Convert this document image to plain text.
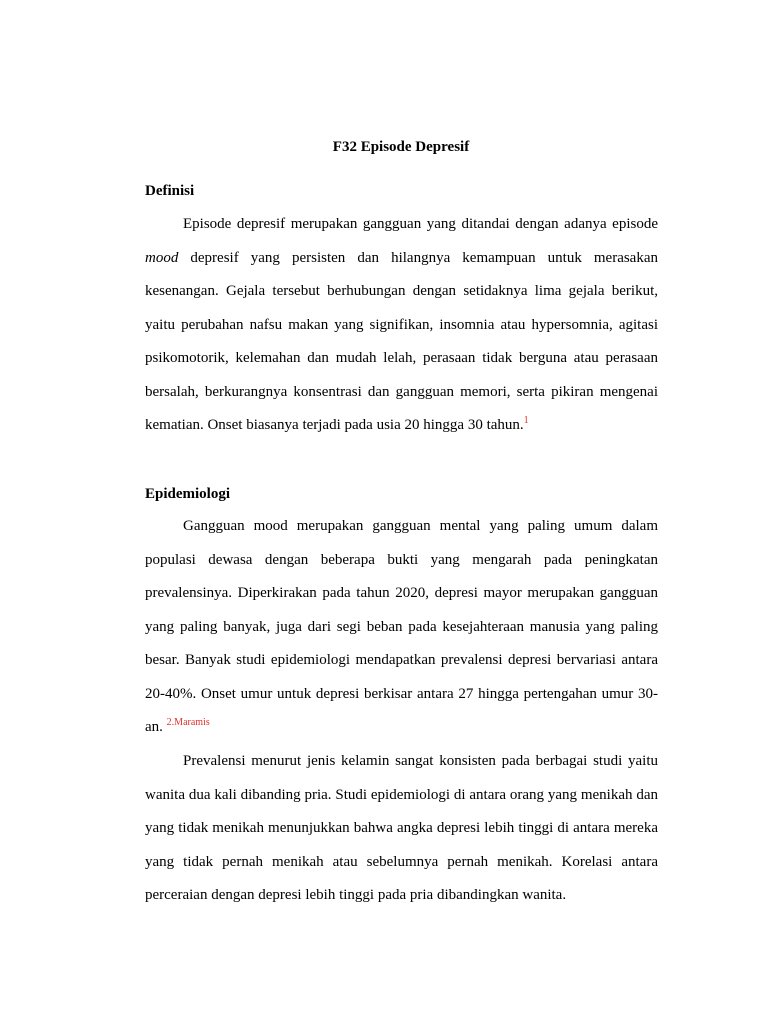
F32 Episode Depresif
Definisi

Episode depresif merupakan gangguan yang ditandai dengan adanya episode mood depresif yang persisten dan hilangnya kemampuan untuk merasakan kesenangan. Gejala tersebut berhubungan dengan setidaknya lima gejala berikut, yaitu perubahan nafsu makan yang signifikan, insomnia atau hypersomnia, agitasi psikomotorik, kelemahan dan mudah lelah, perasaan tidak berguna atau perasaan bersalah, berkurangnya konsentrasi dan gangguan memori, serta pikiran mengenai kematian. Onset biasanya terjadi pada usia 20 hingga 30 tahun.$^1$

Epidemiologi

Gangguan mood merupakan gangguan mental yang paling umum dalam populasi dewasa dengan beberapa bukti yang mengarah pada peningkatan prevalensinya. Diperkirakan pada tahun 2020, depresi mayor merupakan gangguan yang paling banyak, juga dari segi beban pada kesejahteraan manusia yang paling besar. Banyak studi epidemiologi mendapatkan prevalensi depresi bervariasi antara 20-40%. Onset umur untuk depresi berkisar antara 27 hingga pertengahan umur 30-an. $^{2.Maramis}$

Prevalensi menurut jenis kelamin sangat konsisten pada berbagai studi yaitu wanita dua kali dibanding pria. Studi epidemiologi di antara orang yang menikah dan yang tidak menikah menunjukkan bahwa angka depresi lebih tinggi di antara mereka yang tidak pernah menikah atau sebelumnya pernah menikah. Korelasi antara perceraian dengan depresi lebih tinggi pada pria dibandingkan wanita.
